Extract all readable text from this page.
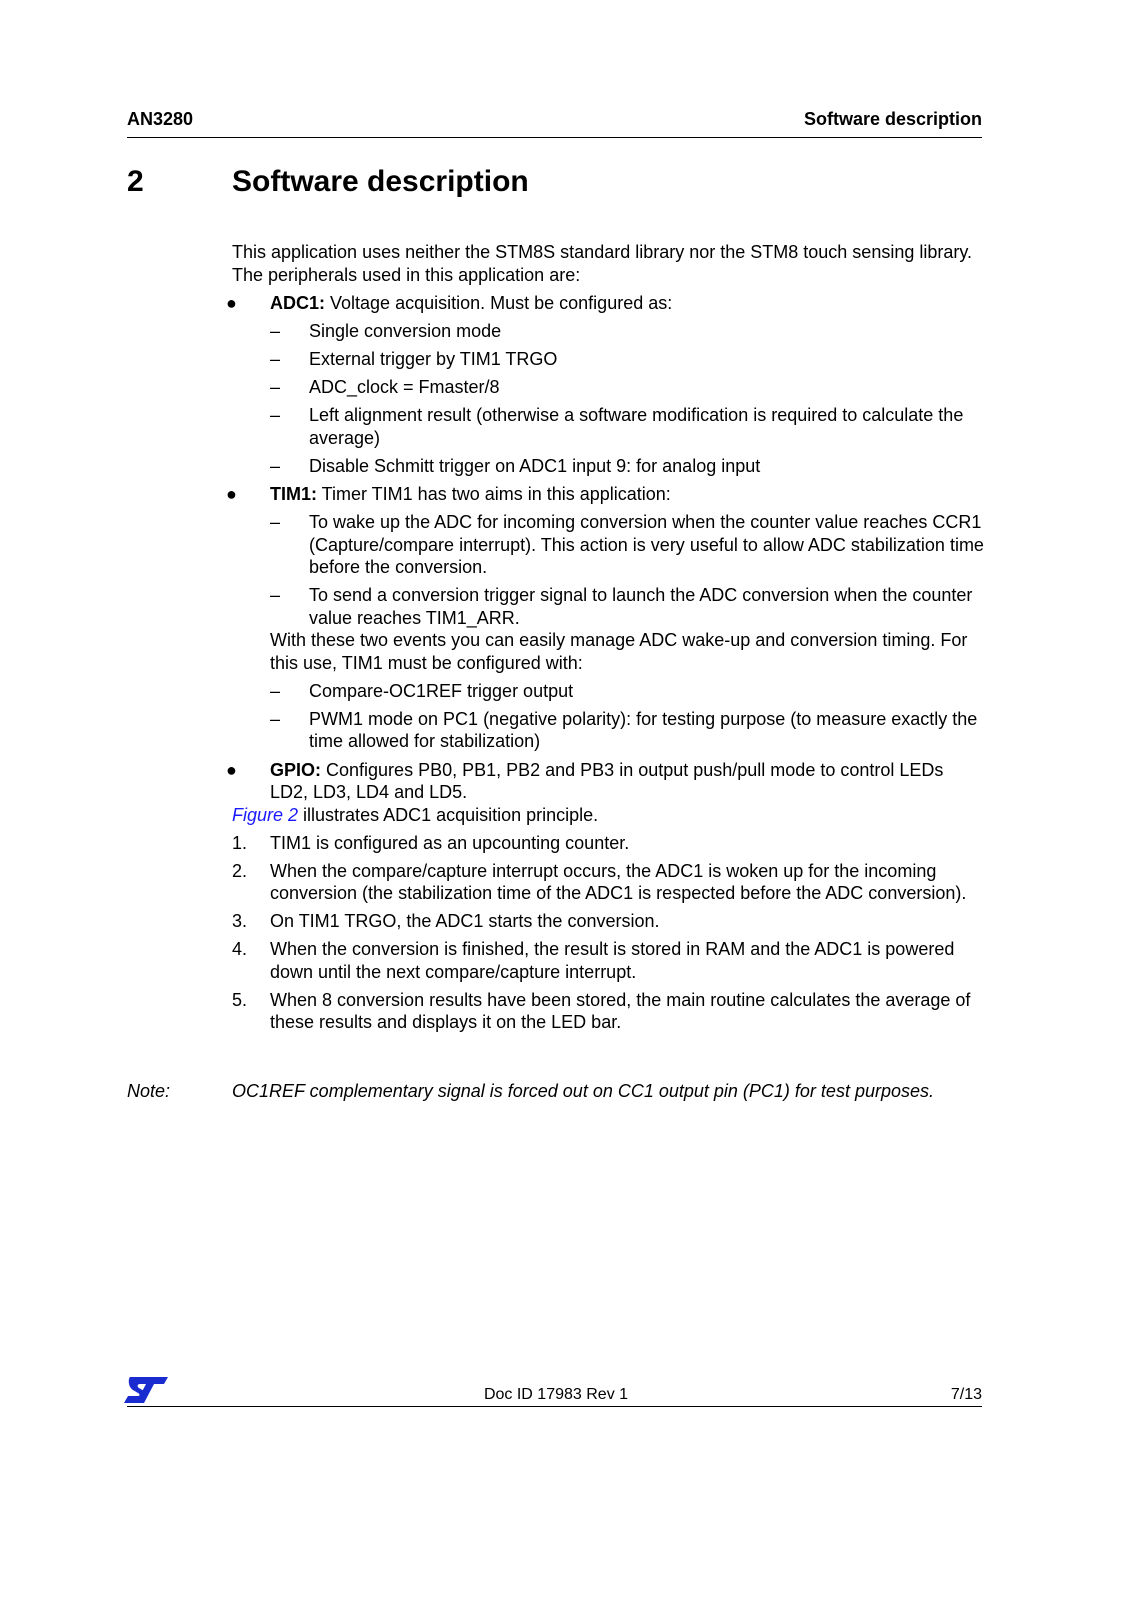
AN3280	Software description
2	Software description

This application uses neither the STM8S standard library nor the STM8 touch sensing library. The peripherals used in this application are:

● ADC1: Voltage acquisition. Must be configured as:
– Single conversion mode
– External trigger by TIM1 TRGO
– ADC_clock = Fmaster/8
– Left alignment result (otherwise a software modification is required to calculate the average)
– Disable Schmitt trigger on ADC1 input 9: for analog input
● TIM1: Timer TIM1 has two aims in this application:
– To wake up the ADC for incoming conversion when the counter value reaches CCR1 (Capture/compare interrupt). This action is very useful to allow ADC stabilization time before the conversion.
– To send a conversion trigger signal to launch the ADC conversion when the counter value reaches TIM1_ARR.

With these two events you can easily manage ADC wake-up and conversion timing. For this use, TIM1 must be configured with:

– Compare-OC1REF trigger output
– PWM1 mode on PC1 (negative polarity): for testing purpose (to measure exactly the time allowed for stabilization)
● GPIO: Configures PB0, PB1, PB2 and PB3 in output push/pull mode to control LEDs LD2, LD3, LD4 and LD5.

Figure 2 illustrates ADC1 acquisition principle.

1. TIM1 is configured as an upcounting counter.
2. When the compare/capture interrupt occurs, the ADC1 is woken up for the incoming conversion (the stabilization time of the ADC1 is respected before the ADC conversion).
3. On TIM1 TRGO, the ADC1 starts the conversion.
4. When the conversion is finished, the result is stored in RAM and the ADC1 is powered down until the next compare/capture interrupt.
5. When 8 conversion results have been stored, the main routine calculates the average of these results and displays it on the LED bar.
Note:	OC1REF complementary signal is forced out on CC1 output pin (PC1) for test purposes.
Doc ID 17983 Rev 1	7/13
